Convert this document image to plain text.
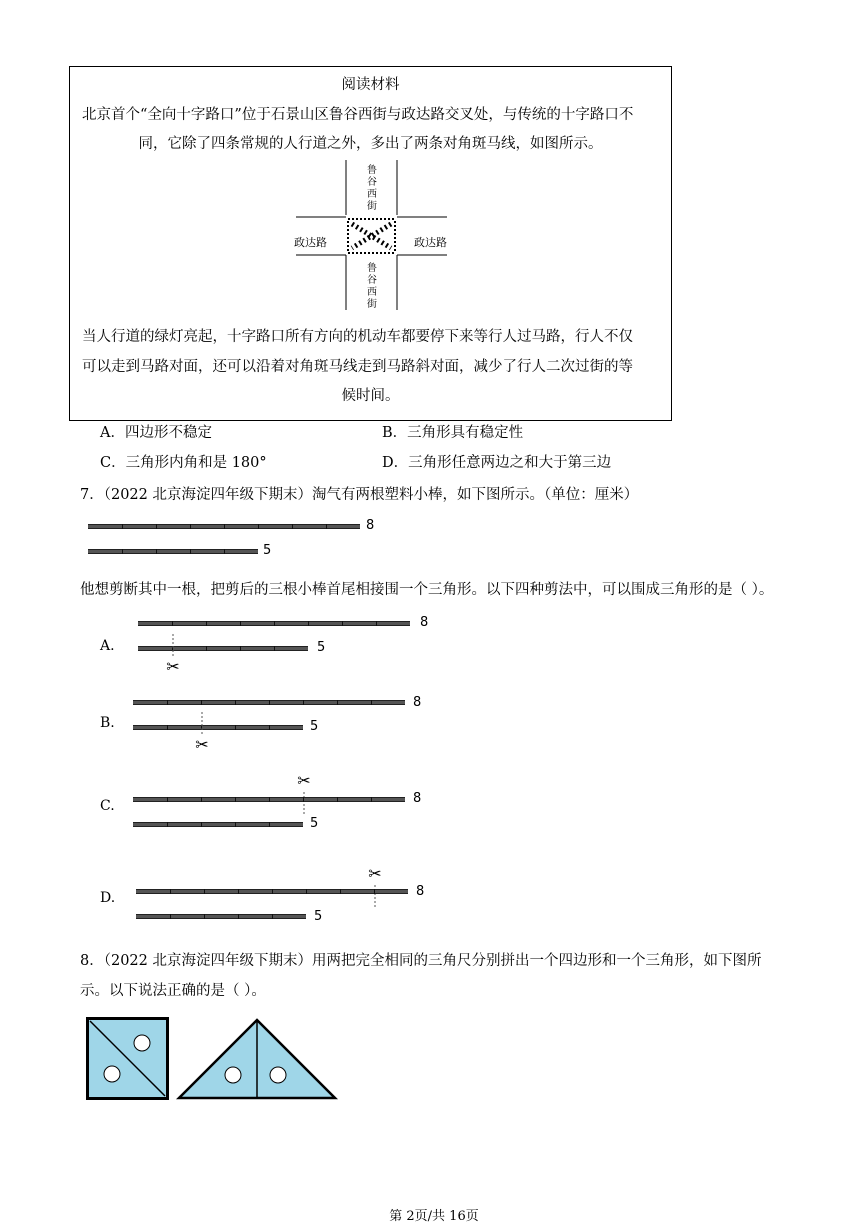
阅读材料
北京首个“全向十字路口”位于石景山区鲁谷西街与政达路交叉处，与传统的十字路口不
同，它除了四条常规的人行道之外，多出了两条对角斑马线，如图所示。
鲁谷西街
鲁谷西街
政达路	政达路
当人行道的绿灯亮起，十字路口所有方向的机动车都要停下来等行人过马路，行人不仅
可以走到马路对面，还可以沿着对角斑马线走到马路斜对面，减少了行人二次过街的等
候时间。
A．四边形不稳定	B．三角形具有稳定性
C．三角形内角和是 180°	D．三角形任意两边之和大于第三边
7．（2022 北京海淀四年级下期末）淘气有两根塑料小棒，如下图所示。（单位：厘米）
8
5
他想剪断其中一根，把剪后的三根小棒首尾相接围一个三角形。以下四种剪法中，可以围成三角形的是（ ）。
A.
8
5
✂
B.
8
5
✂
C.
✂
8
5
D.
✂
8
5
8．（2022 北京海淀四年级下期末）用两把完全相同的三角尺分别拼出一个四边形和一个三角形，如下图所
示。以下说法正确的是（ ）。
第 2页/共 16页
